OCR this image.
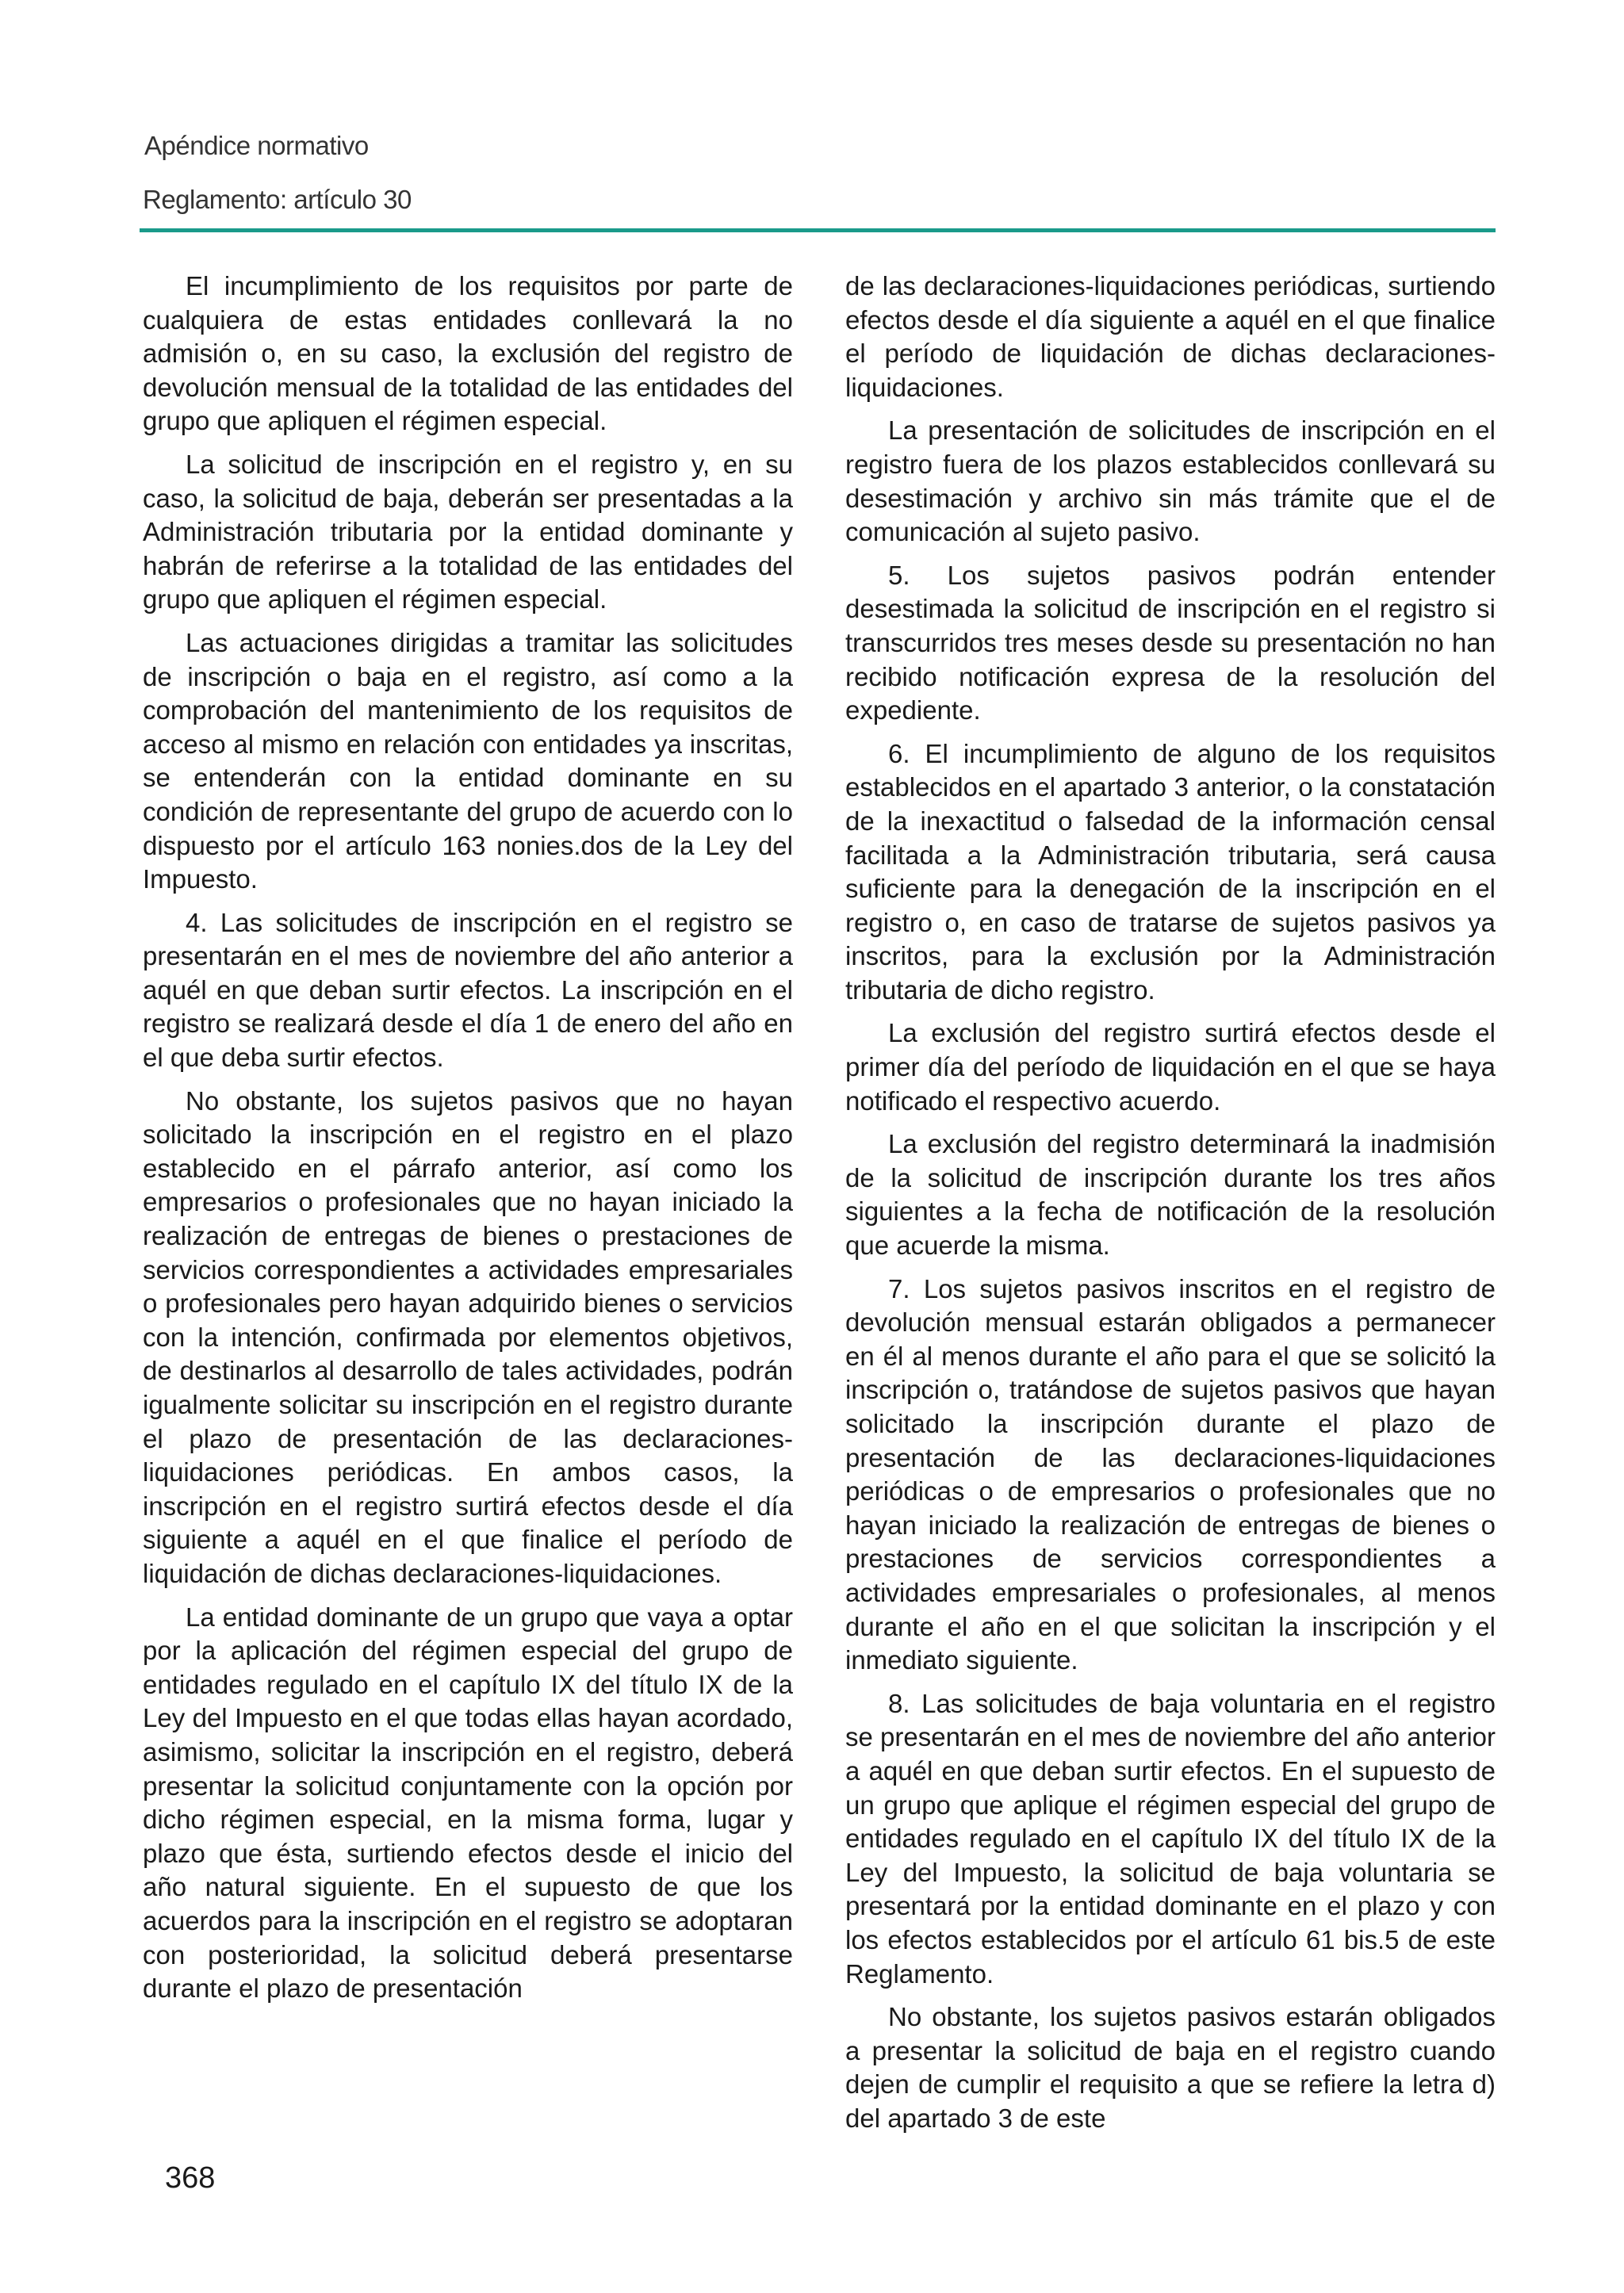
Apéndice normativo
Reglamento: artículo 30

El incumplimiento de los requisitos por parte de cualquiera de estas entidades conllevará la no admisión o, en su caso, la exclusión del registro de devolución mensual de la totalidad de las entidades del grupo que apliquen el régimen especial.

La solicitud de inscripción en el registro y, en su caso, la solicitud de baja, deberán ser presentadas a la Administración tributaria por la entidad dominante y habrán de referirse a la totalidad de las entidades del grupo que apliquen el régimen especial.

Las actuaciones dirigidas a tramitar las solicitudes de inscripción o baja en el registro, así como a la comprobación del mantenimiento de los requisitos de acceso al mismo en relación con entidades ya inscritas, se entenderán con la entidad dominante en su condición de representante del grupo de acuerdo con lo dispuesto por el artículo 163 nonies.dos de la Ley del Impuesto.

4. Las solicitudes de inscripción en el registro se presentarán en el mes de noviembre del año anterior a aquél en que deban surtir efectos. La inscripción en el registro se realizará desde el día 1 de enero del año en el que deba surtir efectos.

No obstante, los sujetos pasivos que no hayan solicitado la inscripción en el registro en el plazo establecido en el párrafo anterior, así como los empresarios o profesionales que no hayan iniciado la realización de entregas de bienes o prestaciones de servicios correspondientes a actividades empresariales o profesionales pero hayan adquirido bienes o servicios con la intención, confirmada por elementos objetivos, de destinarlos al desarrollo de tales actividades, podrán igualmente solicitar su inscripción en el registro durante el plazo de presentación de las declaraciones-liquidaciones periódicas. En ambos casos, la inscripción en el registro surtirá efectos desde el día siguiente a aquél en el que finalice el período de liquidación de dichas declaraciones-liquidaciones.

La entidad dominante de un grupo que vaya a optar por la aplicación del régimen especial del grupo de entidades regulado en el capítulo IX del título IX de la Ley del Impuesto en el que todas ellas hayan acordado, asimismo, solicitar la inscripción en el registro, deberá presentar la solicitud conjuntamente con la opción por dicho régimen especial, en la misma forma, lugar y plazo que ésta, surtiendo efectos desde el inicio del año natural siguiente. En el supuesto de que los acuerdos para la inscripción en el registro se adoptaran con posterioridad, la solicitud deberá presentarse durante el plazo de presentación

de las declaraciones-liquidaciones periódicas, surtiendo efectos desde el día siguiente a aquél en el que finalice el período de liquidación de dichas declaraciones-liquidaciones.

La presentación de solicitudes de inscripción en el registro fuera de los plazos establecidos conllevará su desestimación y archivo sin más trámite que el de comunicación al sujeto pasivo.

5. Los sujetos pasivos podrán entender desestimada la solicitud de inscripción en el registro si transcurridos tres meses desde su presentación no han recibido notificación expresa de la resolución del expediente.

6. El incumplimiento de alguno de los requisitos establecidos en el apartado 3 anterior, o la constatación de la inexactitud o falsedad de la información censal facilitada a la Administración tributaria, será causa suficiente para la denegación de la inscripción en el registro o, en caso de tratarse de sujetos pasivos ya inscritos, para la exclusión por la Administración tributaria de dicho registro.

La exclusión del registro surtirá efectos desde el primer día del período de liquidación en el que se haya notificado el respectivo acuerdo.

La exclusión del registro determinará la inadmisión de la solicitud de inscripción durante los tres años siguientes a la fecha de notificación de la resolución que acuerde la misma.

7. Los sujetos pasivos inscritos en el registro de devolución mensual estarán obligados a permanecer en él al menos durante el año para el que se solicitó la inscripción o, tratándose de sujetos pasivos que hayan solicitado la inscripción durante el plazo de presentación de las declaraciones-liquidaciones periódicas o de empresarios o profesionales que no hayan iniciado la realización de entregas de bienes o prestaciones de servicios correspondientes a actividades empresariales o profesionales, al menos durante el año en el que solicitan la inscripción y el inmediato siguiente.

8. Las solicitudes de baja voluntaria en el registro se presentarán en el mes de noviembre del año anterior a aquél en que deban surtir efectos. En el supuesto de un grupo que aplique el régimen especial del grupo de entidades regulado en el capítulo IX del título IX de la Ley del Impuesto, la solicitud de baja voluntaria se presentará por la entidad dominante en el plazo y con los efectos establecidos por el artículo 61 bis.5 de este Reglamento.

No obstante, los sujetos pasivos estarán obligados a presentar la solicitud de baja en el registro cuando dejen de cumplir el requisito a que se refiere la letra d) del apartado 3 de este

368
